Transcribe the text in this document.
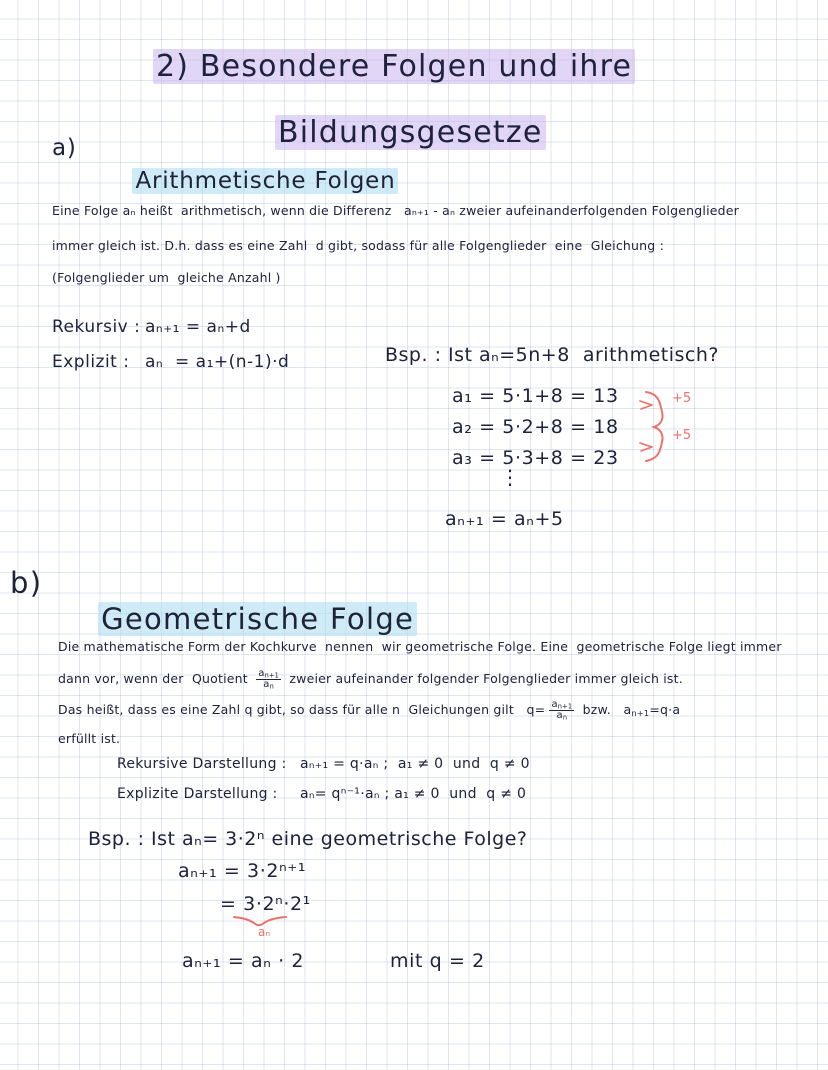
2) Besondere Folgen und ihre

Bildungsgesetze

a)

Arithmetische Folgen

Eine Folge aₙ heißt  arithmetisch, wenn die Differenz   aₙ₊₁ - aₙ zweier aufeinanderfolgenden Folgenglieder
immer gleich ist. D.h. dass es eine Zahl  d gibt, sodass für alle Folgenglieder  eine  Gleichung :
(Folgenglieder um  gleiche Anzahl )
Rekursiv : aₙ₊₁ = aₙ+d
Explizit : aₙ  = a₁+(n-1)·d	Bsp. : Ist aₙ=5n+8  arithmetisch?
a₁ = 5·1+8 = 13
a₂ = 5·2+8 = 18
a₃ = 5·3+8 = 23
+5
+5
⋮
aₙ₊₁ = aₙ+5
b)

Geometrische Folge

Die mathematische Form der Kochkurve  nennen  wir geometrische Folge. Eine  geometrische Folge liegt immer
dann vor, wenn der  Quotient $\frac{a_{n+1}}{a_n}$ zweier aufeinander folgender Folgenglieder immer gleich ist.
Das heißt, dass es eine Zahl q gibt, so dass für alle n  Gleichungen gilt   $q= \frac{a_{n+1}}{a_n}$ bzw.   $a_{n+1}=q\cdot a$
erfüllt ist.
Rekursive Darstellung : aₙ₊₁ = q·aₙ ;  a₁ ≠ 0  und  q ≠ 0
Explizite Darstellung : aₙ= qⁿ⁻¹·aₙ ; a₁ ≠ 0  und  q ≠ 0
Bsp. : Ist aₙ= 3·2ⁿ eine geometrische Folge?
aₙ₊₁ = 3·2ⁿ⁺¹
= 3·2ⁿ·2¹
aₙ
aₙ₊₁ = aₙ · 2	mit q = 2
